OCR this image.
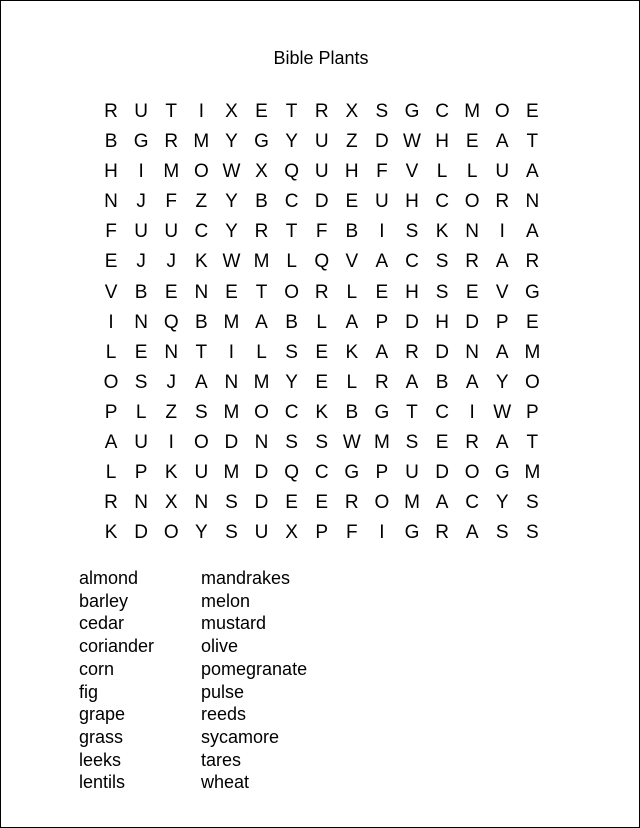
Bible Plants
R U T	I	X E T R X S G C M O E
B G R M Y G Y U Z D W H E A T
H	I	M O W X Q U H F V L	L U A
N J	F Z Y B C D E U H C O R N
F U U C Y R T F B	I	S K N	I	A
E	J	J	K W M L Q V A C S R A R
V B E N E T O R L E H S E V G
I	N Q B M A B L A P D H D P E
L E N T	I	L S E K A R D N A M
O S	J	A N M Y E L R A B A Y O
P L	Z S M O C K B G T C	I W P
A U	I	O D N S S W M S E R A T
L P K U M D Q C G P U D O G M
R N X N S D E E R O M A C Y S
K D O Y S U X P F	I	G R A S S
almond
barley
cedar
coriander
corn
fig
grape
grass
leeks
lentils
mandrakes
melon
mustard
olive
pomegranate
pulse
reeds
sycamore
tares
wheat
